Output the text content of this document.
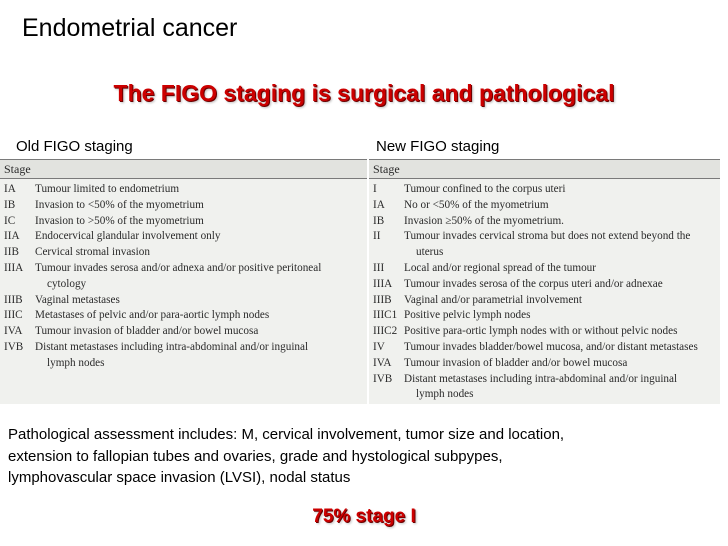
Endometrial cancer
The FIGO staging is surgical and pathological
Old FIGO staging	New FIGO staging
Stage
IA	Tumour limited to endometrium
IB	Invasion to <50% of the myometrium
IC	Invasion to >50% of the myometrium
IIA	Endocervical glandular involvement only
IIB	Cervical stromal invasion
IIIA	Tumour invades serosa and/or adnexa and/or positive peritoneal
cytology
IIIB	Vaginal metastases
IIIC	Metastases of pelvic and/or para-aortic lymph nodes
IVA	Tumour invasion of bladder and/or bowel mucosa
IVB	Distant metastases including intra-abdominal and/or inguinal
lymph nodes
Stage
I	Tumour confined to the corpus uteri
IA	No or <50% of the myometrium
IB	Invasion ≥50% of the myometrium.
II	Tumour invades cervical stroma but does not extend beyond the
uterus
III	Local and/or regional spread of the tumour
IIIA	Tumour invades serosa of the corpus uteri and/or adnexae
IIIB	Vaginal and/or parametrial involvement
IIIC1 Positive pelvic lymph nodes
IIIC2 Positive para-ortic lymph nodes with or without pelvic nodes
IV	Tumour invades bladder/bowel mucosa, and/or distant metastases
IVA	Tumour invasion of bladder and/or bowel mucosa
IVB	Distant metastases including intra-abdominal and/or inguinal
lymph nodes
Pathological assessment includes: M, cervical involvement, tumor size and location,
extension to fallopian tubes and ovaries, grade and hystological subpypes,
lymphovascular space invasion (LVSI), nodal status
75% stage I
